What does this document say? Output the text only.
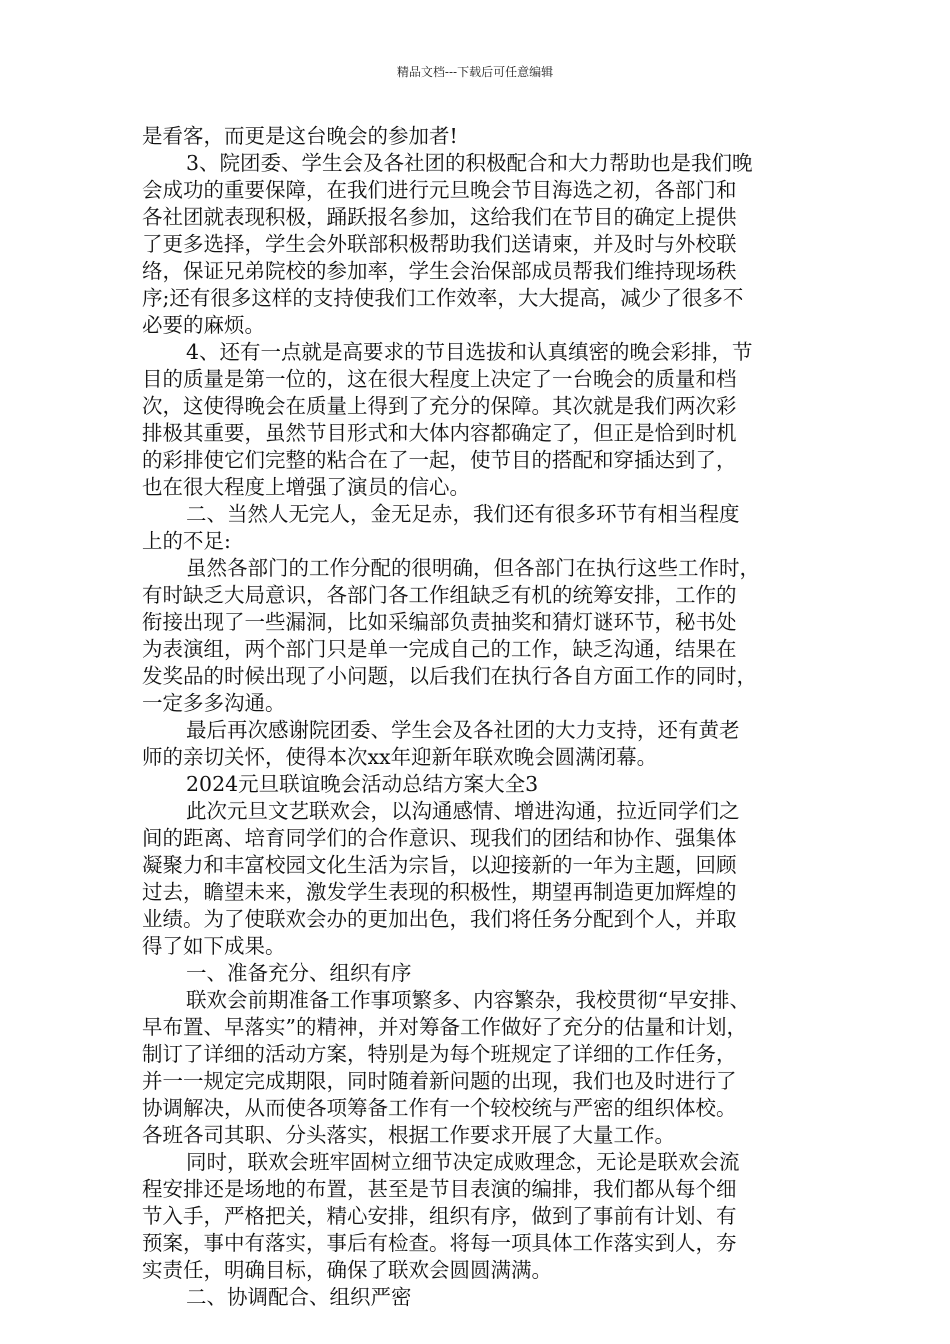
精品文档---下载后可任意编辑
是看客，而更是这台晚会的参加者!
3、院团委、学生会及各社团的积极配合和大力帮助也是我们晚
会成功的重要保障，在我们进行元旦晚会节目海选之初，各部门和
各社团就表现积极，踊跃报名参加，这给我们在节目的确定上提供
了更多选择，学生会外联部积极帮助我们送请柬，并及时与外校联
络，保证兄弟院校的参加率，学生会治保部成员帮我们维持现场秩
序;还有很多这样的支持使我们工作效率，大大提高，减少了很多不
必要的麻烦。
4、还有一点就是高要求的节目选拔和认真缜密的晚会彩排，节
目的质量是第一位的，这在很大程度上决定了一台晚会的质量和档
次，这使得晚会在质量上得到了充分的保障。其次就是我们两次彩
排极其重要，虽然节目形式和大体内容都确定了，但正是恰到时机
的彩排使它们完整的粘合在了一起，使节目的搭配和穿插达到了，
也在很大程度上增强了演员的信心。
二、当然人无完人，金无足赤，我们还有很多环节有相当程度
上的不足:
虽然各部门的工作分配的很明确，但各部门在执行这些工作时，
有时缺乏大局意识，各部门各工作组缺乏有机的统筹安排，工作的
衔接出现了一些漏洞，比如采编部负责抽奖和猜灯谜环节，秘书处
为表演组，两个部门只是单一完成自己的工作，缺乏沟通，结果在
发奖品的时候出现了小问题，以后我们在执行各自方面工作的同时，
一定多多沟通。
最后再次感谢院团委、学生会及各社团的大力支持，还有黄老
师的亲切关怀，使得本次xx年迎新年联欢晚会圆满闭幕。
2024元旦联谊晚会活动总结方案大全3
此次元旦文艺联欢会，以沟通感情、增进沟通，拉近同学们之
间的距离、培育同学们的合作意识、现我们的团结和协作、强集体
凝聚力和丰富校园文化生活为宗旨，以迎接新的一年为主题，回顾
过去，瞻望未来，激发学生表现的积极性，期望再制造更加辉煌的
业绩。为了使联欢会办的更加出色，我们将任务分配到个人，并取
得了如下成果。
一、准备充分、组织有序
联欢会前期准备工作事项繁多、内容繁杂，我校贯彻“早安排、
早布置、早落实”的精神，并对筹备工作做好了充分的估量和计划，
制订了详细的活动方案，特别是为每个班规定了详细的工作任务，
并一一规定完成期限，同时随着新问题的出现，我们也及时进行了
协调解决，从而使各项筹备工作有一个较校统与严密的组织体校。
各班各司其职、分头落实，根据工作要求开展了大量工作。
同时，联欢会班牢固树立细节决定成败理念，无论是联欢会流
程安排还是场地的布置，甚至是节目表演的编排，我们都从每个细
节入手，严格把关，精心安排，组织有序，做到了事前有计划、有
预案，事中有落实，事后有检查。将每一项具体工作落实到人，夯
实责任，明确目标，确保了联欢会圆圆满满。
二、协调配合、组织严密
